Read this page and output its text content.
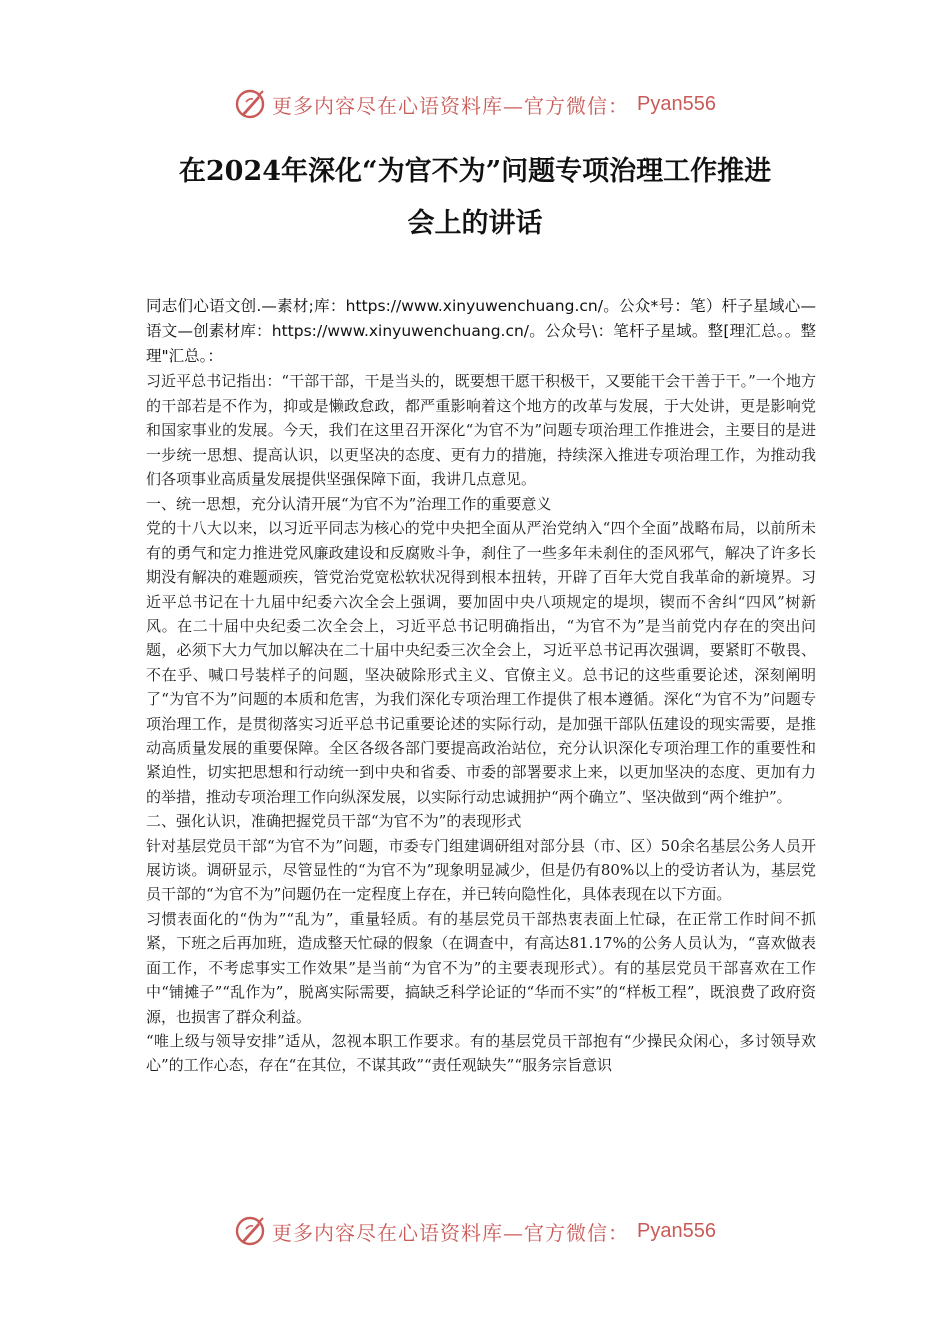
更多内容尽在心语资料库—官方微信： Pyan556
在2024年深化“为官不为”问题专项治理工作推进
会上的讲话

同志们心语文创.—素材;库：https://www.xinyuwenchuang.cn/。公众*号：笔）杆子星域心—语文—创素材库：https://www.xinyuwenchuang.cn/。公众号\：笔杆子星域。整[理汇总。。整理"汇总。：

习近平总书记指出：“干部干部，干是当头的，既要想干愿干积极干，又要能干会干善于干。”一个地方的干部若是不作为，抑或是懒政怠政，都严重影响着这个地方的改革与发展，于大处讲，更是影响党和国家事业的发展。今天，我们在这里召开深化“为官不为”问题专项治理工作推进会，主要目的是进一步统一思想、提高认识，以更坚决的态度、更有力的措施，持续深入推进专项治理工作，为推动我们各项事业高质量发展提供坚强保障下面，我讲几点意见。

一、统一思想，充分认清开展“为官不为”治理工作的重要意义

党的十八大以来，以习近平同志为核心的党中央把全面从严治党纳入“四个全面”战略布局，以前所未有的勇气和定力推进党风廉政建设和反腐败斗争，刹住了一些多年未刹住的歪风邪气，解决了许多长期没有解决的难题顽疾，管党治党宽松软状况得到根本扭转，开辟了百年大党自我革命的新境界。习近平总书记在十九届中纪委六次全会上强调，要加固中央八项规定的堤坝，锲而不舍纠“四风”树新风。在二十届中央纪委二次全会上，习近平总书记明确指出，“为官不为”是当前党内存在的突出问题，必须下大力气加以解决在二十届中央纪委三次全会上，习近平总书记再次强调，要紧盯不敬畏、不在乎、喊口号装样子的问题，坚决破除形式主义、官僚主义。总书记的这些重要论述，深刻阐明了“为官不为”问题的本质和危害，为我们深化专项治理工作提供了根本遵循。深化“为官不为”问题专项治理工作，是贯彻落实习近平总书记重要论述的实际行动，是加强干部队伍建设的现实需要，是推动高质量发展的重要保障。全区各级各部门要提高政治站位，充分认识深化专项治理工作的重要性和紧迫性，切实把思想和行动统一到中央和省委、市委的部署要求上来，以更加坚决的态度、更加有力的举措，推动专项治理工作向纵深发展，以实际行动忠诚拥护“两个确立”、坚决做到“两个维护”。

二、强化认识，准确把握党员干部“为官不为”的表现形式

针对基层党员干部“为官不为”问题，市委专门组建调研组对部分县（市、区）50余名基层公务人员开展访谈。调研显示，尽管显性的“为官不为”现象明显减少，但是仍有80%以上的受访者认为，基层党员干部的“为官不为”问题仍在一定程度上存在，并已转向隐性化，具体表现在以下方面。

习惯表面化的“伪为”“乱为”，重量轻质。有的基层党员干部热衷表面上忙碌，在正常工作时间不抓紧，下班之后再加班，造成整天忙碌的假象（在调查中，有高达81.17%的公务人员认为，“喜欢做表面工作，不考虑事实工作效果”是当前“为官不为”的主要表现形式）。有的基层党员干部喜欢在工作中“铺摊子”“乱作为”，脱离实际需要，搞缺乏科学论证的“华而不实”的“样板工程”，既浪费了政府资源，也损害了群众利益。

“唯上级与领导安排”适从，忽视本职工作要求。有的基层党员干部抱有“少操民众闲心，多讨领导欢心”的工作心态，存在“在其位，不谋其政”“责任观缺失”“服务宗旨意识

更多内容尽在心语资料库—官方微信： Pyan556
